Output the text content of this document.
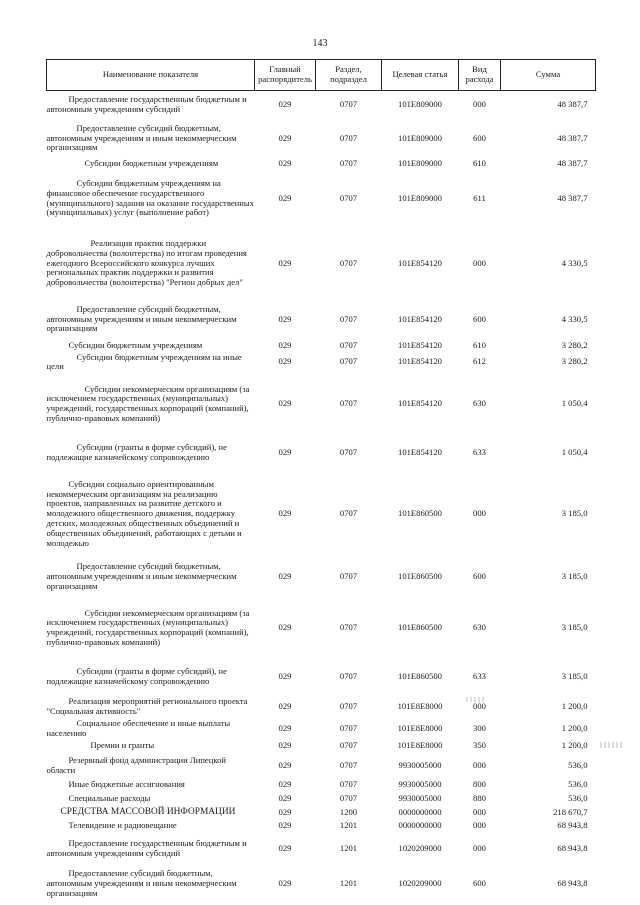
143
Наименование показателя	Главный распорядитель	Раздел, подраздел	Целевая статья	Вид расхода	Сумма

Предоставление государственным бюджетным и автономным учреждениям субсидий	029	0707	101E809000	000	48 387,7

Предоставление субсидий бюджетным, автономным учреждениям и иным некоммерческим организациям	029	0707	101E809000	600	48 387,7

Субсидии бюджетным учреждениям	029	0707	101E809000	610	48 387,7

Субсидии бюджетным учреждениям на финансовое обеспечение государственного (муниципального) задания на оказание государственных (муниципальных) услуг (выполнение работ)	029	0707	101E809000	611	48 387,7

Реализация практик поддержки добровольчества (волонтерства) по итогам проведения ежегодного Всероссийского конкурса лучших региональных практик поддержки и развития добровольчества (волонтерства) "Регион добрых дел"	029	0707	101E854120	000	4 330,5

Предоставление субсидий бюджетным, автономным учреждениям и иным некоммерческим организациям	029	0707	101E854120	600	4 330,5

Субсидии бюджетным учреждениям	029	0707	101E854120	610	3 280,2

Субсидии бюджетным учреждениям на иные цели	029	0707	101E854120	612	3 280,2

Субсидии некоммерческим организациям (за исключением государственных (муниципальных) учреждений, государственных корпораций (компаний), публично-правовых компаний)	029	0707	101E854120	630	1 050,4

Субсидии (гранты в форме субсидий), не подлежащие казначейскому сопровождению	029	0707	101E854120	633	1 050,4

Субсидии социально ориентированным некоммерческим организациям на реализацию проектов, направленных на развитие детского и молодежного общественного движения, поддержку детских, молодежных общественных объединений и общественных объединений, работающих с детьми и молодежью	029	0707	101E860500	000	3 185,0

Предоставление субсидий бюджетным, автономным учреждениям и иным некоммерческим организациям	029	0707	101E860500	600	3 185,0

Субсидии некоммерческим организациям (за исключением государственных (муниципальных) учреждений, государственных корпораций (компаний), публично-правовых компаний)	029	0707	101E860500	630	3 185,0

Субсидии (гранты в форме субсидий), не подлежащие казначейскому сопровождению	029	0707	101E860500	633	3 185,0

Реализация мероприятий регионального проекта "Социальная активность"	029	0707	101E8E8000	000	1 200,0

Социальное обеспечение и иные выплаты населению	029	0707	101E8E8000	300	1 200,0

Премии и гранты	029	0707	101E8E8000	350	1 200,0

Резервный фонд администрации Липецкой области	029	0707	9930005000	000	536,0

Иные бюджетные ассигнования	029	0707	9930005000	800	536,0

Специальные расходы	029	0707	9930005000	880	536,0

СРЕДСТВА МАССОВОЙ ИНФОРМАЦИИ	029	1200	0000000000	000	218 670,7

Телевидение и радиовещание	029	1201	0000000000	000	68 943,8

Предоставление государственным бюджетным и автономным учреждениям субсидий	029	1201	1020209000	000	68 943,8

Предоставление субсидий бюджетным, автономным учреждениям и иным некоммерческим организациям	029	1201	1020209000	600	68 943,8
